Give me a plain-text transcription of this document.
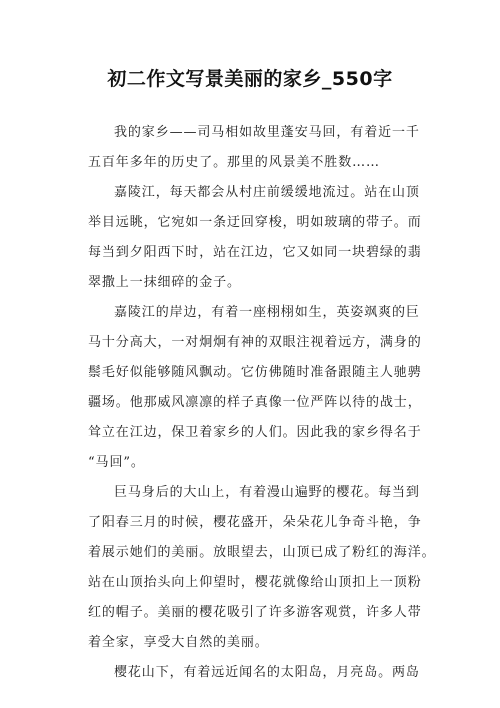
初二作文写景美丽的家乡_550字
我的家乡——司马相如故里蓬安马回，有着近一千
五百年多年的历史了。那里的风景美不胜数……
嘉陵江，每天都会从村庄前缓缓地流过。站在山顶
举目远眺，它宛如一条迂回穿梭，明如玻璃的带子。而
每当到夕阳西下时，站在江边，它又如同一块碧绿的翡
翠撒上一抹细碎的金子。
嘉陵江的岸边，有着一座栩栩如生，英姿飒爽的巨
马十分高大，一对炯炯有神的双眼注视着远方，满身的
鬃毛好似能够随风飘动。它仿佛随时准备跟随主人驰骋
疆场。他那威风凛凛的样子真像一位严阵以待的战士，
耸立在江边，保卫着家乡的人们。因此我的家乡得名于
“马回”。
巨马身后的大山上，有着漫山遍野的樱花。每当到
了阳春三月的时候，樱花盛开，朵朵花儿争奇斗艳，争
着展示她们的美丽。放眼望去，山顶已成了粉红的海洋。
站在山顶抬头向上仰望时，樱花就像给山顶扣上一顶粉
红的帽子。美丽的樱花吸引了许多游客观赏，许多人带
着全家，享受大自然的美丽。
樱花山下，有着远近闻名的太阳岛，月亮岛。两岛
